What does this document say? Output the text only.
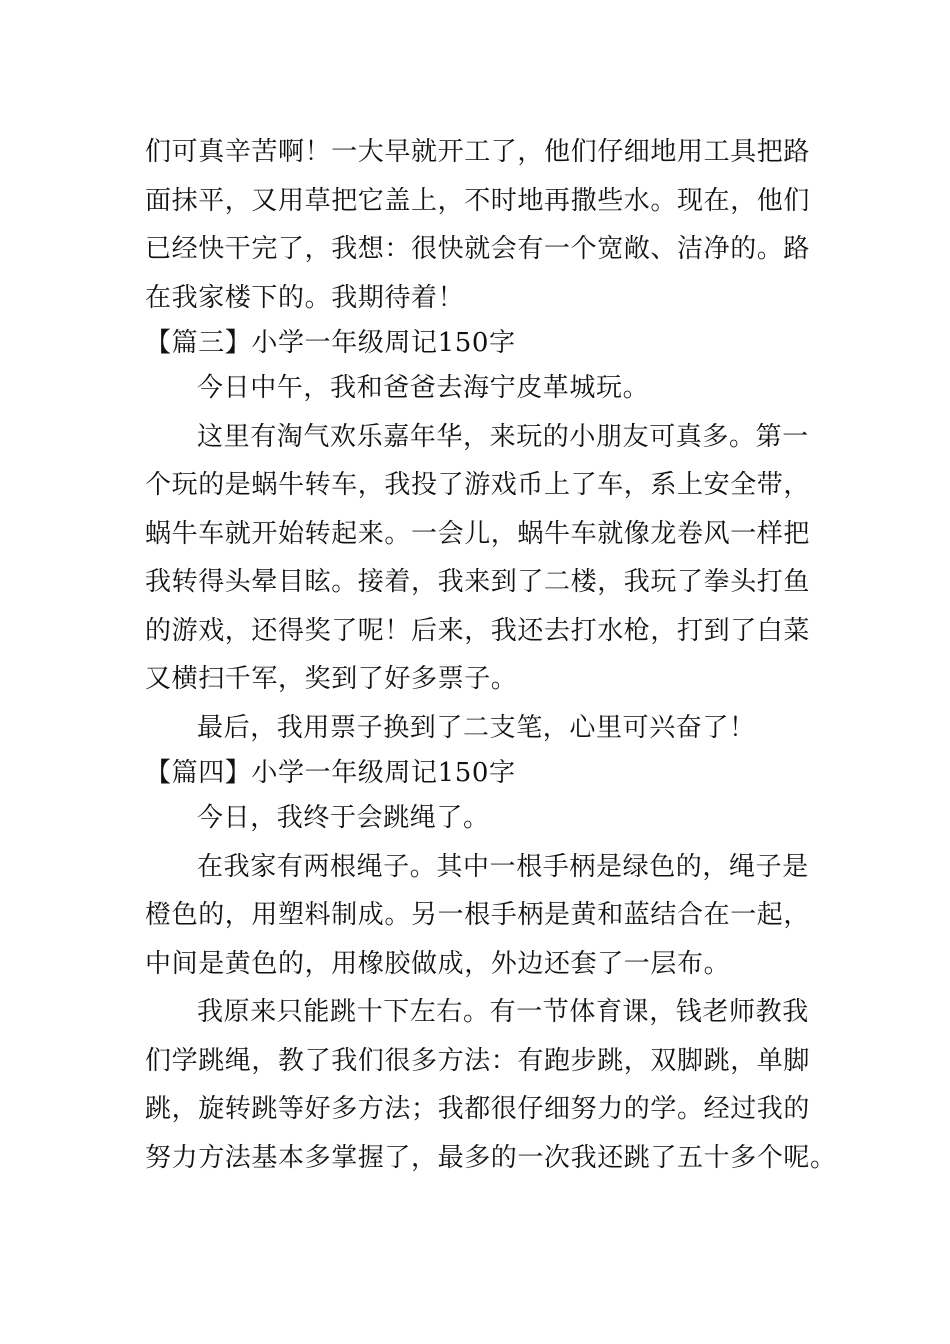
们可真辛苦啊！一大早就开工了，他们仔细地用工具把路
面抹平，又用草把它盖上，不时地再撒些水。现在，他们
已经快干完了，我想：很快就会有一个宽敞、洁净的。路
在我家楼下的。我期待着！
【篇三】小学一年级周记150字
今日中午，我和爸爸去海宁皮革城玩。
这里有淘气欢乐嘉年华，来玩的小朋友可真多。第一
个玩的是蜗牛转车，我投了游戏币上了车，系上安全带，
蜗牛车就开始转起来。一会儿，蜗牛车就像龙卷风一样把
我转得头晕目眩。接着，我来到了二楼，我玩了拳头打鱼
的游戏，还得奖了呢！后来，我还去打水枪，打到了白菜
又横扫千军，奖到了好多票子。
最后，我用票子换到了二支笔，心里可兴奋了！
【篇四】小学一年级周记150字
今日，我终于会跳绳了。
在我家有两根绳子。其中一根手柄是绿色的，绳子是
橙色的，用塑料制成。另一根手柄是黄和蓝结合在一起，
中间是黄色的，用橡胶做成，外边还套了一层布。
我原来只能跳十下左右。有一节体育课，钱老师教我
们学跳绳，教了我们很多方法：有跑步跳，双脚跳，单脚
跳，旋转跳等好多方法；我都很仔细努力的学。经过我的
努力方法基本多掌握了，最多的一次我还跳了五十多个呢。
